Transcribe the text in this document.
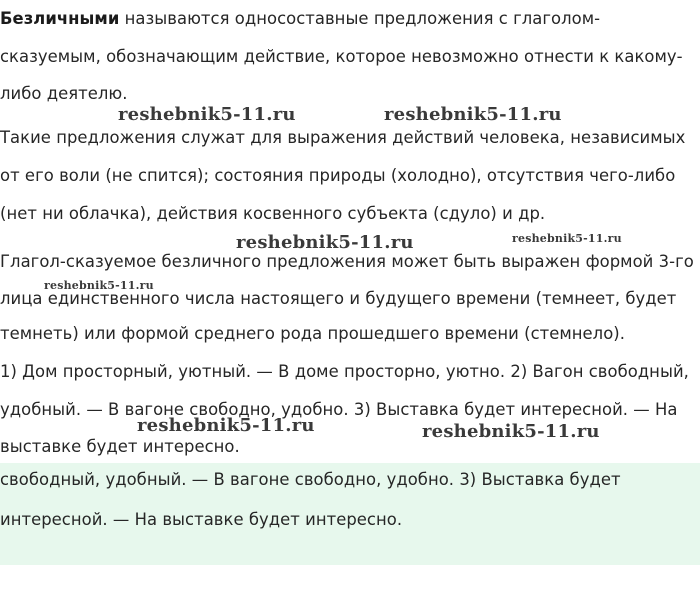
Безличными называются односоставные предложения с глаголом-
сказуемым, обозначающим действие, которое невозможно отнести к какому-
либо деятелю.
Такие предложения служат для выражения действий человека, независимых
от его воли (не спится); состояния природы (холодно), отсутствия чего-либо
(нет ни облачка), действия косвенного субъекта (сдуло) и др.
Глагол-сказуемое безличного предложения может быть выражен формой 3-го
лица единственного числа настоящего и будущего времени (темнеет, будет
темнеть) или формой среднего рода прошедшего времени (стемнело).
1) Дом просторный, уютный. — В доме просторно, уютно. 2) Вагон свободный,
удобный. — В вагоне свободно, удобно. 3) Выставка будет интересной. — На
выставке будет интересно.
свободный, удобный. — В вагоне свободно, удобно. 3) Выставка будет
интересной. — На выставке будет интересно.
reshebnik5-11.ru	reshebnik5-11.ru
reshebnik5-11.ru	reshebnik5-11.ru
reshebnik5-11.ru
reshebnik5-11.ru	reshebnik5-11.ru
